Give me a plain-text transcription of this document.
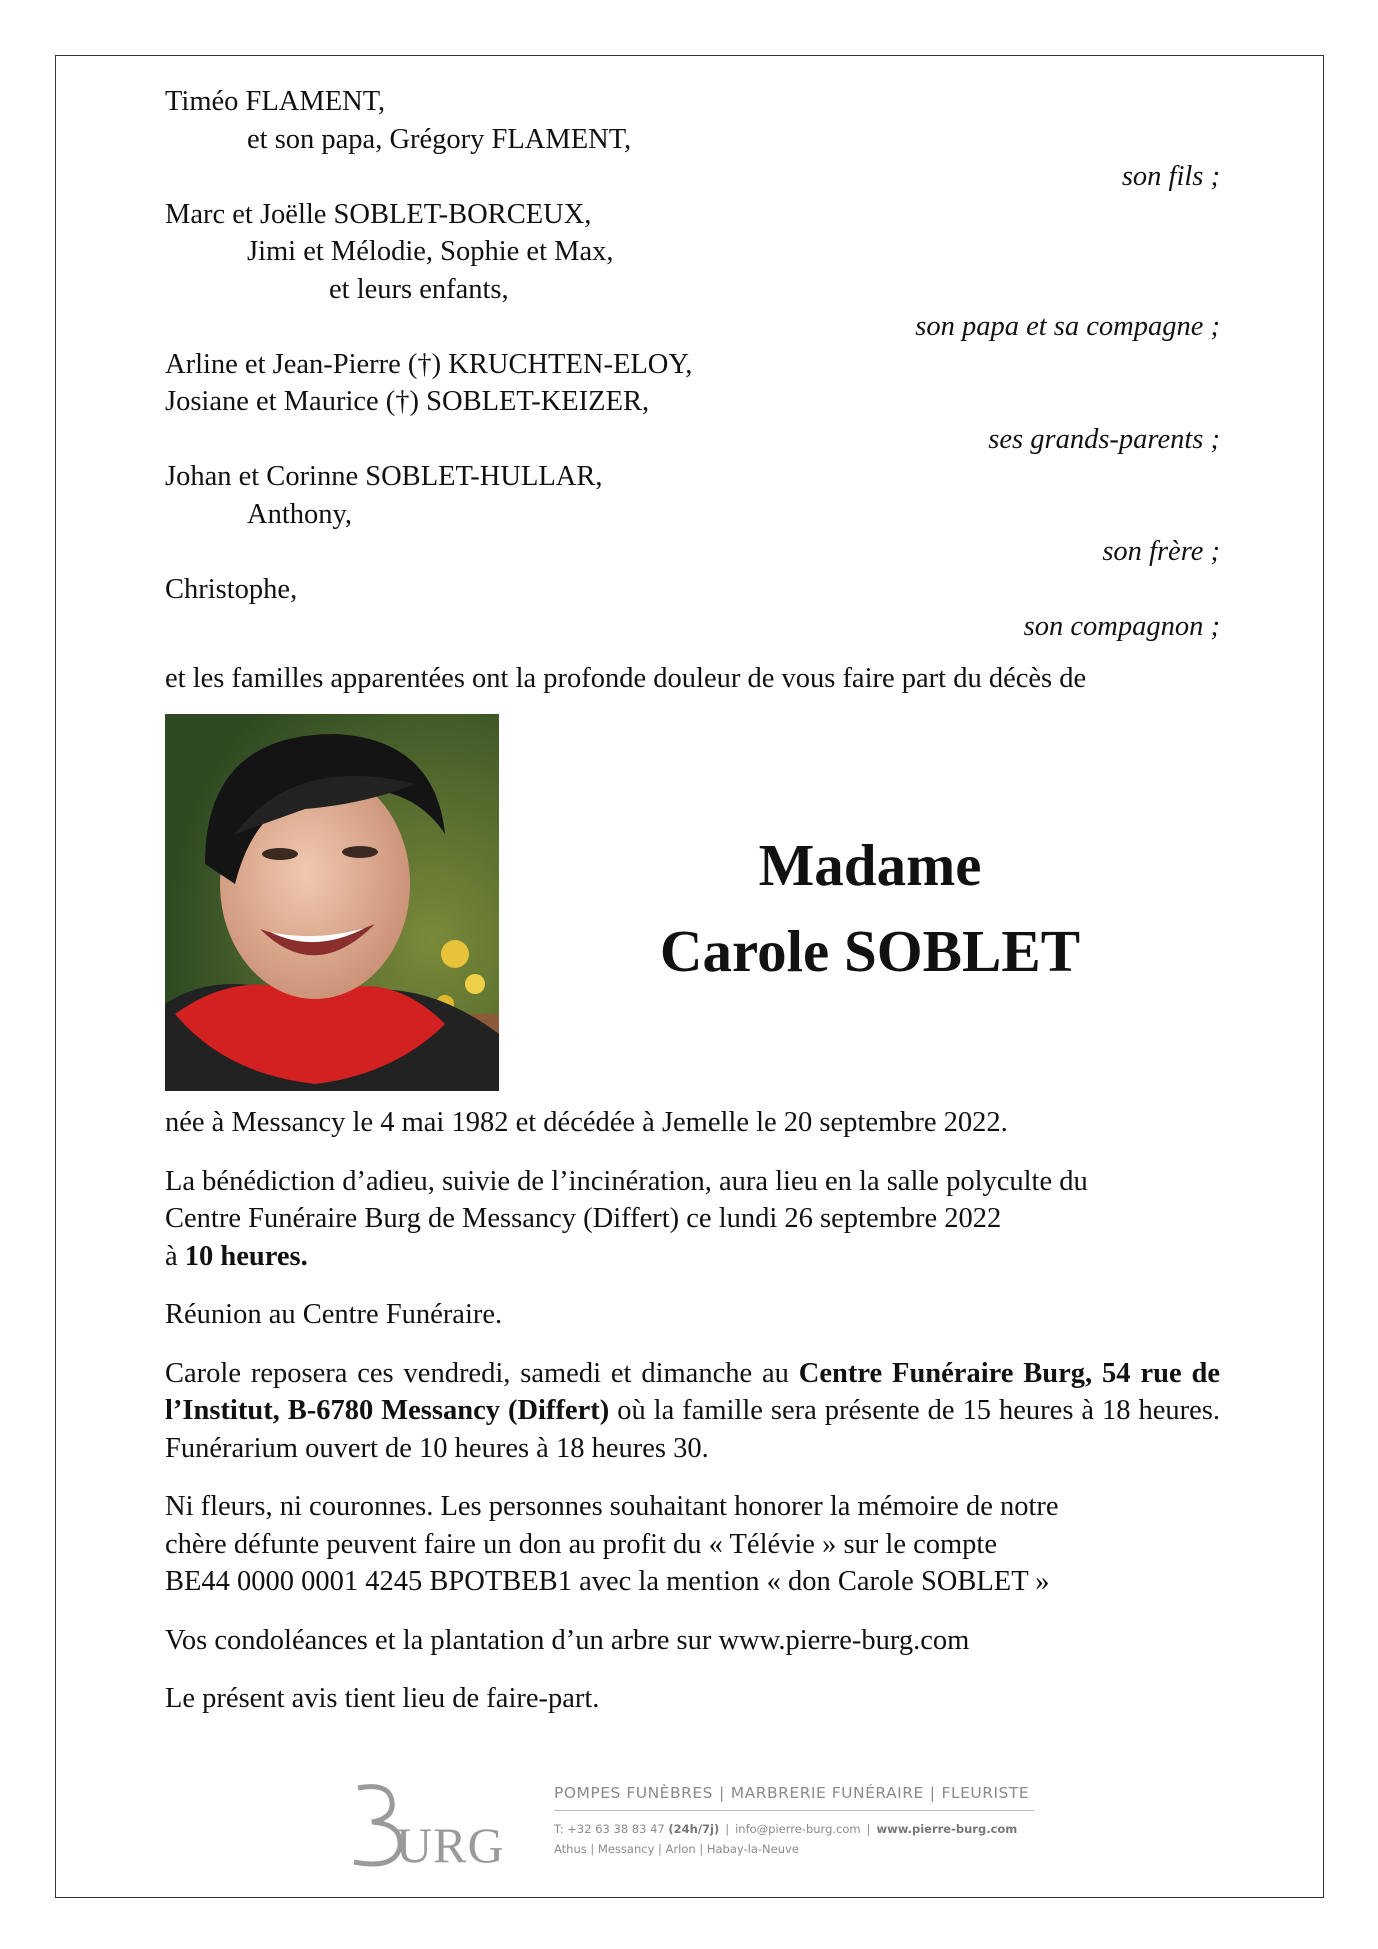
Timéo FLAMENT,
et son papa, Grégory FLAMENT,
son fils ;
Marc et Joëlle SOBLET-BORCEUX,
Jimi et Mélodie, Sophie et Max,
et leurs enfants,
son papa et sa compagne ;
Arline et Jean-Pierre (†) KRUCHTEN-ELOY,
Josiane et Maurice (†) SOBLET-KEIZER,
ses grands-parents ;
Johan et Corinne SOBLET-HULLAR,
Anthony,
son frère ;
Christophe,
son compagnon ;
et les familles apparentées ont la profonde douleur de vous faire part du décès de
Madame
Carole SOBLET

née à Messancy le 4 mai 1982 et décédée à Jemelle le 20 septembre 2022.

La bénédiction d’adieu, suivie de l’incinération, aura lieu en la salle polyculte du
Centre Funéraire Burg de Messancy (Differt) ce lundi 26 septembre 2022
à 10 heures.

Réunion au Centre Funéraire.

Carole reposera ces vendredi, samedi et dimanche au Centre Funéraire Burg, 54 rue de l’Institut, B-6780 Messancy (Differt) où la famille sera présente de 15 heures à 18 heures. Funérarium ouvert de 10 heures à 18 heures 30.

Ni fleurs, ni couronnes. Les personnes souhaitant honorer la mémoire de notre
chère défunte peuvent faire un don au profit du « Télévie » sur le compte
BE44 0000 0001 4245 BPOTBEB1 avec la mention « don Carole SOBLET »

Vos condoléances et la plantation d’un arbre sur www.pierre-burg.com

Le présent avis tient lieu de faire-part.

URG
POMPES FUNÈBRES | MARBRERIE FUNÉRAIRE | FLEURISTE
T: +32 63 38 83 47 (24h/7j) | info@pierre-burg.com | www.pierre-burg.com
Athus | Messancy | Arlon | Habay-la-Neuve
